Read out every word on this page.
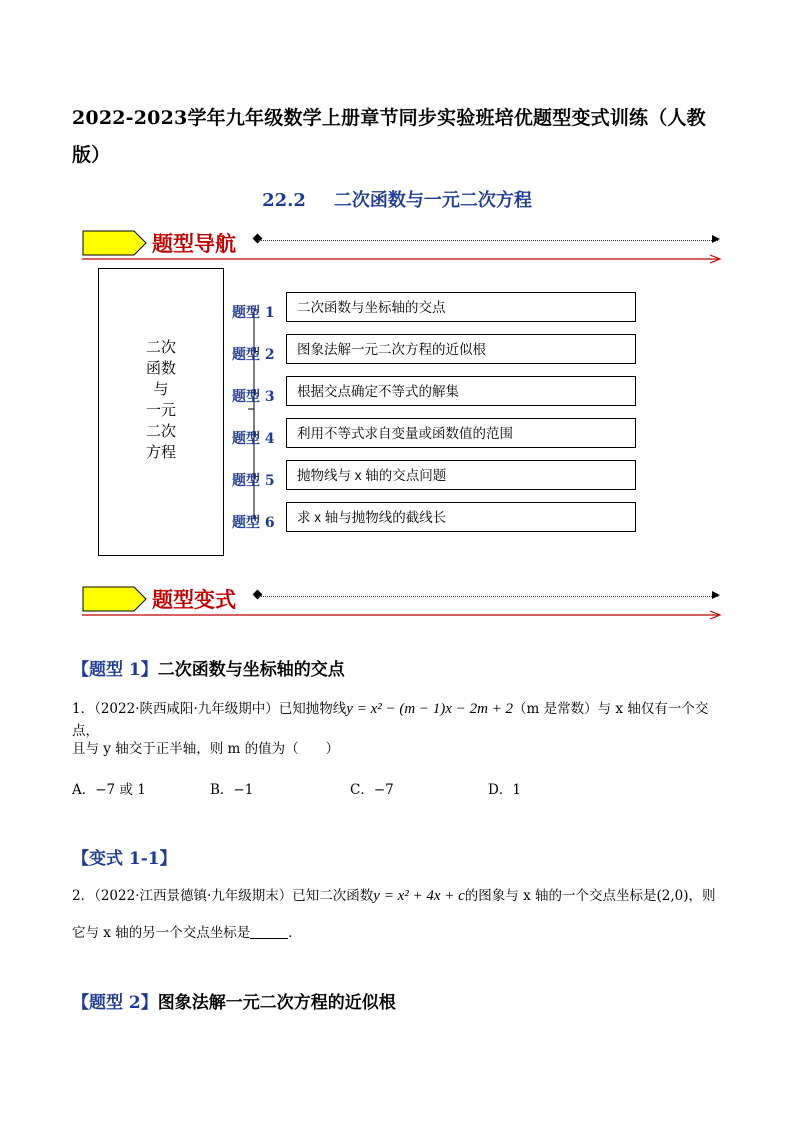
2022-2023学年九年级数学上册章节同步实验班培优题型变式训练（人教版）
22.2 二次函数与一元二次方程
题型导航
二次
函数
与
一元
二次
方程
题型 1	二次函数与坐标轴的交点
题型 2	图象法解一元二次方程的近似根
题型 3	根据交点确定不等式的解集
题型 4	利用不等式求自变量或函数值的范围
题型 5	抛物线与 x 轴的交点问题
题型 6	求 x 轴与抛物线的截线长
题型变式
【题型 1】二次函数与坐标轴的交点
1．（2022·陕西咸阳·九年级期中）已知抛物线y = x² − (m − 1)x − 2m + 2（m 是常数）与 x 轴仅有一个交点，
且与 y 轴交于正半轴，则 m 的值为（　　）
A．−7 或 1	B．−1	C．−7	D．1
【变式 1-1】
2．（2022·江西景德镇·九年级期末）已知二次函数y = x² + 4x + c的图象与 x 轴的一个交点坐标是(2,0)，则
它与 x 轴的另一个交点坐标是	．
【题型 2】图象法解一元二次方程的近似根
